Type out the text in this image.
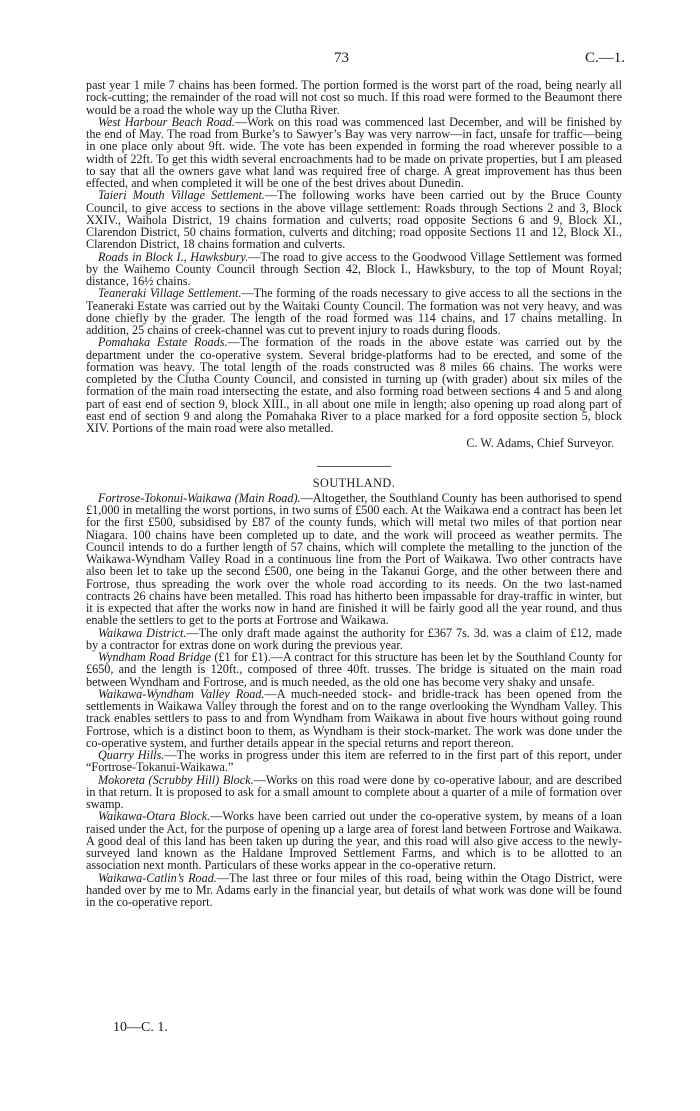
73	C.—1.

past year 1 mile 7 chains has been formed. The portion formed is the worst part of the road, being nearly all rock-cutting; the remainder of the road will not cost so much. If this road were formed to the Beaumont there would be a road the whole way up the Clutha River.

West Harbour Beach Road.—Work on this road was commenced last December, and will be finished by the end of May. The road from Burke’s to Sawyer’s Bay was very narrow—in fact, unsafe for traffic—being in one place only about 9ft. wide. The vote has been expended in forming the road wherever possible to a width of 22ft. To get this width several encroachments had to be made on private properties, but I am pleased to say that all the owners gave what land was required free of charge. A great improvement has thus been effected, and when completed it will be one of the best drives about Dunedin.

Taieri Mouth Village Settlement.—The following works have been carried out by the Bruce County Council, to give access to sections in the above village settlement: Roads through Sections 2 and 3, Block XXIV., Waihola District, 19 chains formation and culverts; road opposite Sections 6 and 9, Block XI., Clarendon District, 50 chains formation, culverts and ditching; road opposite Sections 11 and 12, Block XI., Clarendon District, 18 chains formation and culverts.

Roads in Block I., Hawksbury.—The road to give access to the Goodwood Village Settlement was formed by the Waihemo County Council through Section 42, Block I., Hawksbury, to the top of Mount Royal; distance, 16½ chains.

Teaneraki Village Settlement.—The forming of the roads necessary to give access to all the sections in the Teaneraki Estate was carried out by the Waitaki County Council. The formation was not very heavy, and was done chiefly by the grader. The length of the road formed was 114 chains, and 17 chains metalling. In addition, 25 chains of creek-channel was cut to prevent injury to roads during floods.

Pomahaka Estate Roads.—The formation of the roads in the above estate was carried out by the department under the co-operative system. Several bridge-platforms had to be erected, and some of the formation was heavy. The total length of the roads constructed was 8 miles 66 chains. The works were completed by the Clutha County Council, and consisted in turning up (with grader) about six miles of the formation of the main road intersecting the estate, and also forming road between sections 4 and 5 and along part of east end of section 9, block XIII., in all about one mile in length; also opening up road along part of east end of section 9 and along the Pomahaka River to a place marked for a ford opposite section 5, block XIV. Portions of the main road were also metalled.

C. W. Adams, Chief Surveyor.
SOUTHLAND.

Fortrose-Tokonui-Waikawa (Main Road).—Altogether, the Southland County has been authorised to spend £1,000 in metalling the worst portions, in two sums of £500 each. At the Waikawa end a contract has been let for the first £500, subsidised by £87 of the county funds, which will metal two miles of that portion near Niagara. 100 chains have been completed up to date, and the work will proceed as weather permits. The Council intends to do a further length of 57 chains, which will complete the metalling to the junction of the Waikawa-Wyndham Valley Road in a continuous line from the Port of Waikawa. Two other contracts have also been let to take up the second £500, one being in the Takanui Gorge, and the other between there and Fortrose, thus spreading the work over the whole road according to its needs. On the two last-named contracts 26 chains have been metalled. This road has hitherto been impassable for dray-traffic in winter, but it is expected that after the works now in hand are finished it will be fairly good all the year round, and thus enable the settlers to get to the ports at Fortrose and Waikawa.

Waikawa District.—The only draft made against the authority for £367 7s. 3d. was a claim of £12, made by a contractor for extras done on work during the previous year.

Wyndham Road Bridge (£1 for £1).—A contract for this structure has been let by the Southland County for £650, and the length is 120ft., composed of three 40ft. trusses. The bridge is situated on the main road between Wyndham and Fortrose, and is much needed, as the old one has become very shaky and unsafe.

Waikawa-Wyndham Valley Road.—A much-needed stock- and bridle-track has been opened from the settlements in Waikawa Valley through the forest and on to the range overlooking the Wyndham Valley. This track enables settlers to pass to and from Wyndham from Waikawa in about five hours without going round Fortrose, which is a distinct boon to them, as Wyndham is their stock-market. The work was done under the co-operative system, and further details appear in the special returns and report thereon.

Quarry Hills.—The works in progress under this item are referred to in the first part of this report, under “Fortrose-Tokanui-Waikawa.”

Mokoreta (Scrubby Hill) Block.—Works on this road were done by co-operative labour, and are described in that return. It is proposed to ask for a small amount to complete about a quarter of a mile of formation over swamp.

Waikawa-Otara Block.—Works have been carried out under the co-operative system, by means of a loan raised under the Act, for the purpose of opening up a large area of forest land between Fortrose and Waikawa. A good deal of this land has been taken up during the year, and this road will also give access to the newly-surveyed land known as the Haldane Improved Settlement Farms, and which is to be allotted to an association next month. Particulars of these works appear in the co-operative return.

Waikawa-Catlin’s Road.—The last three or four miles of this road, being within the Otago District, were handed over by me to Mr. Adams early in the financial year, but details of what work was done will be found in the co-operative report.

10—C. 1.
